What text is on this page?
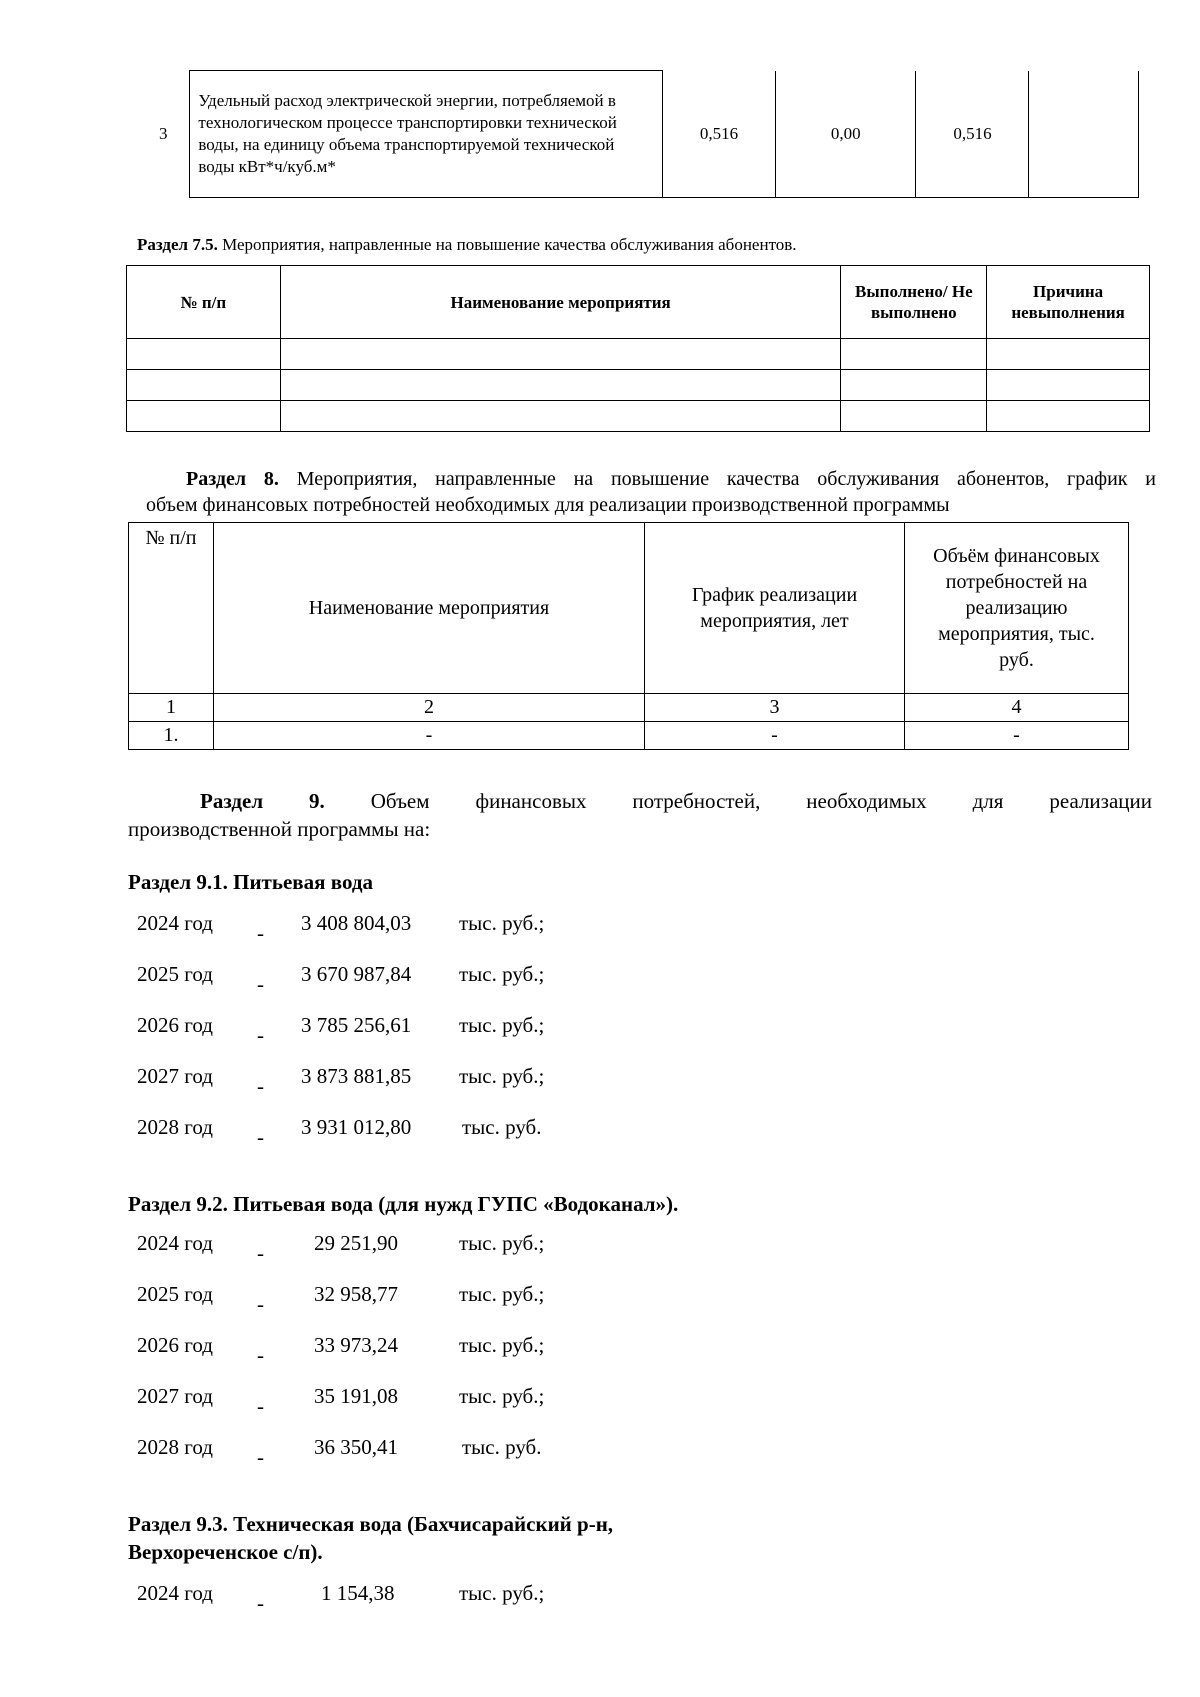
3	Удельный расход электрической энергии, потребляемой в технологическом процессе транспортировки технической воды, на единицу объема транспортируемой технической воды кВт*ч/куб.м*	0,516	0,00	0,516	
Раздел 7.5. Мероприятия, направленные на повышение качества обслуживания абонентов.
№ п/п	Наименование мероприятия	Выполнено/ Не выполнено	Причина невыполнения

Раздел 8. Мероприятия, направленные на повышение качества обслуживания абонентов, график и
объем финансовых потребностей необходимых для реализации производственной программы
№ п/п	Наименование мероприятия	График реализации мероприятия, лет	Объём финансовых потребностей на реализацию мероприятия, тыс. руб.
1	2	3	4
1.	-	-	-
Раздел 9. Объем финансовых потребностей, необходимых для реализации
производственной программы на:
Раздел 9.1. Питьевая вода
2024 год - 3 408 804,03 тыс. руб.;
2025 год - 3 670 987,84 тыс. руб.;
2026 год - 3 785 256,61 тыс. руб.;
2027 год - 3 873 881,85 тыс. руб.;
2028 год - 3 931 012,80 тыс. руб.
Раздел 9.2. Питьевая вода (для нужд ГУПС «Водоканал»).
2024 год - 29 251,90	тыс. руб.;
2025 год - 32 958,77	тыс. руб.;
2026 год - 33 973,24	тыс. руб.;
2027 год - 35 191,08	тыс. руб.;
2028 год - 36 350,41	тыс. руб.
Раздел 9.3. Техническая вода (Бахчисарайский р-н,
Верхореченское с/п).
2024 год -	1 154,38	тыс. руб.;
